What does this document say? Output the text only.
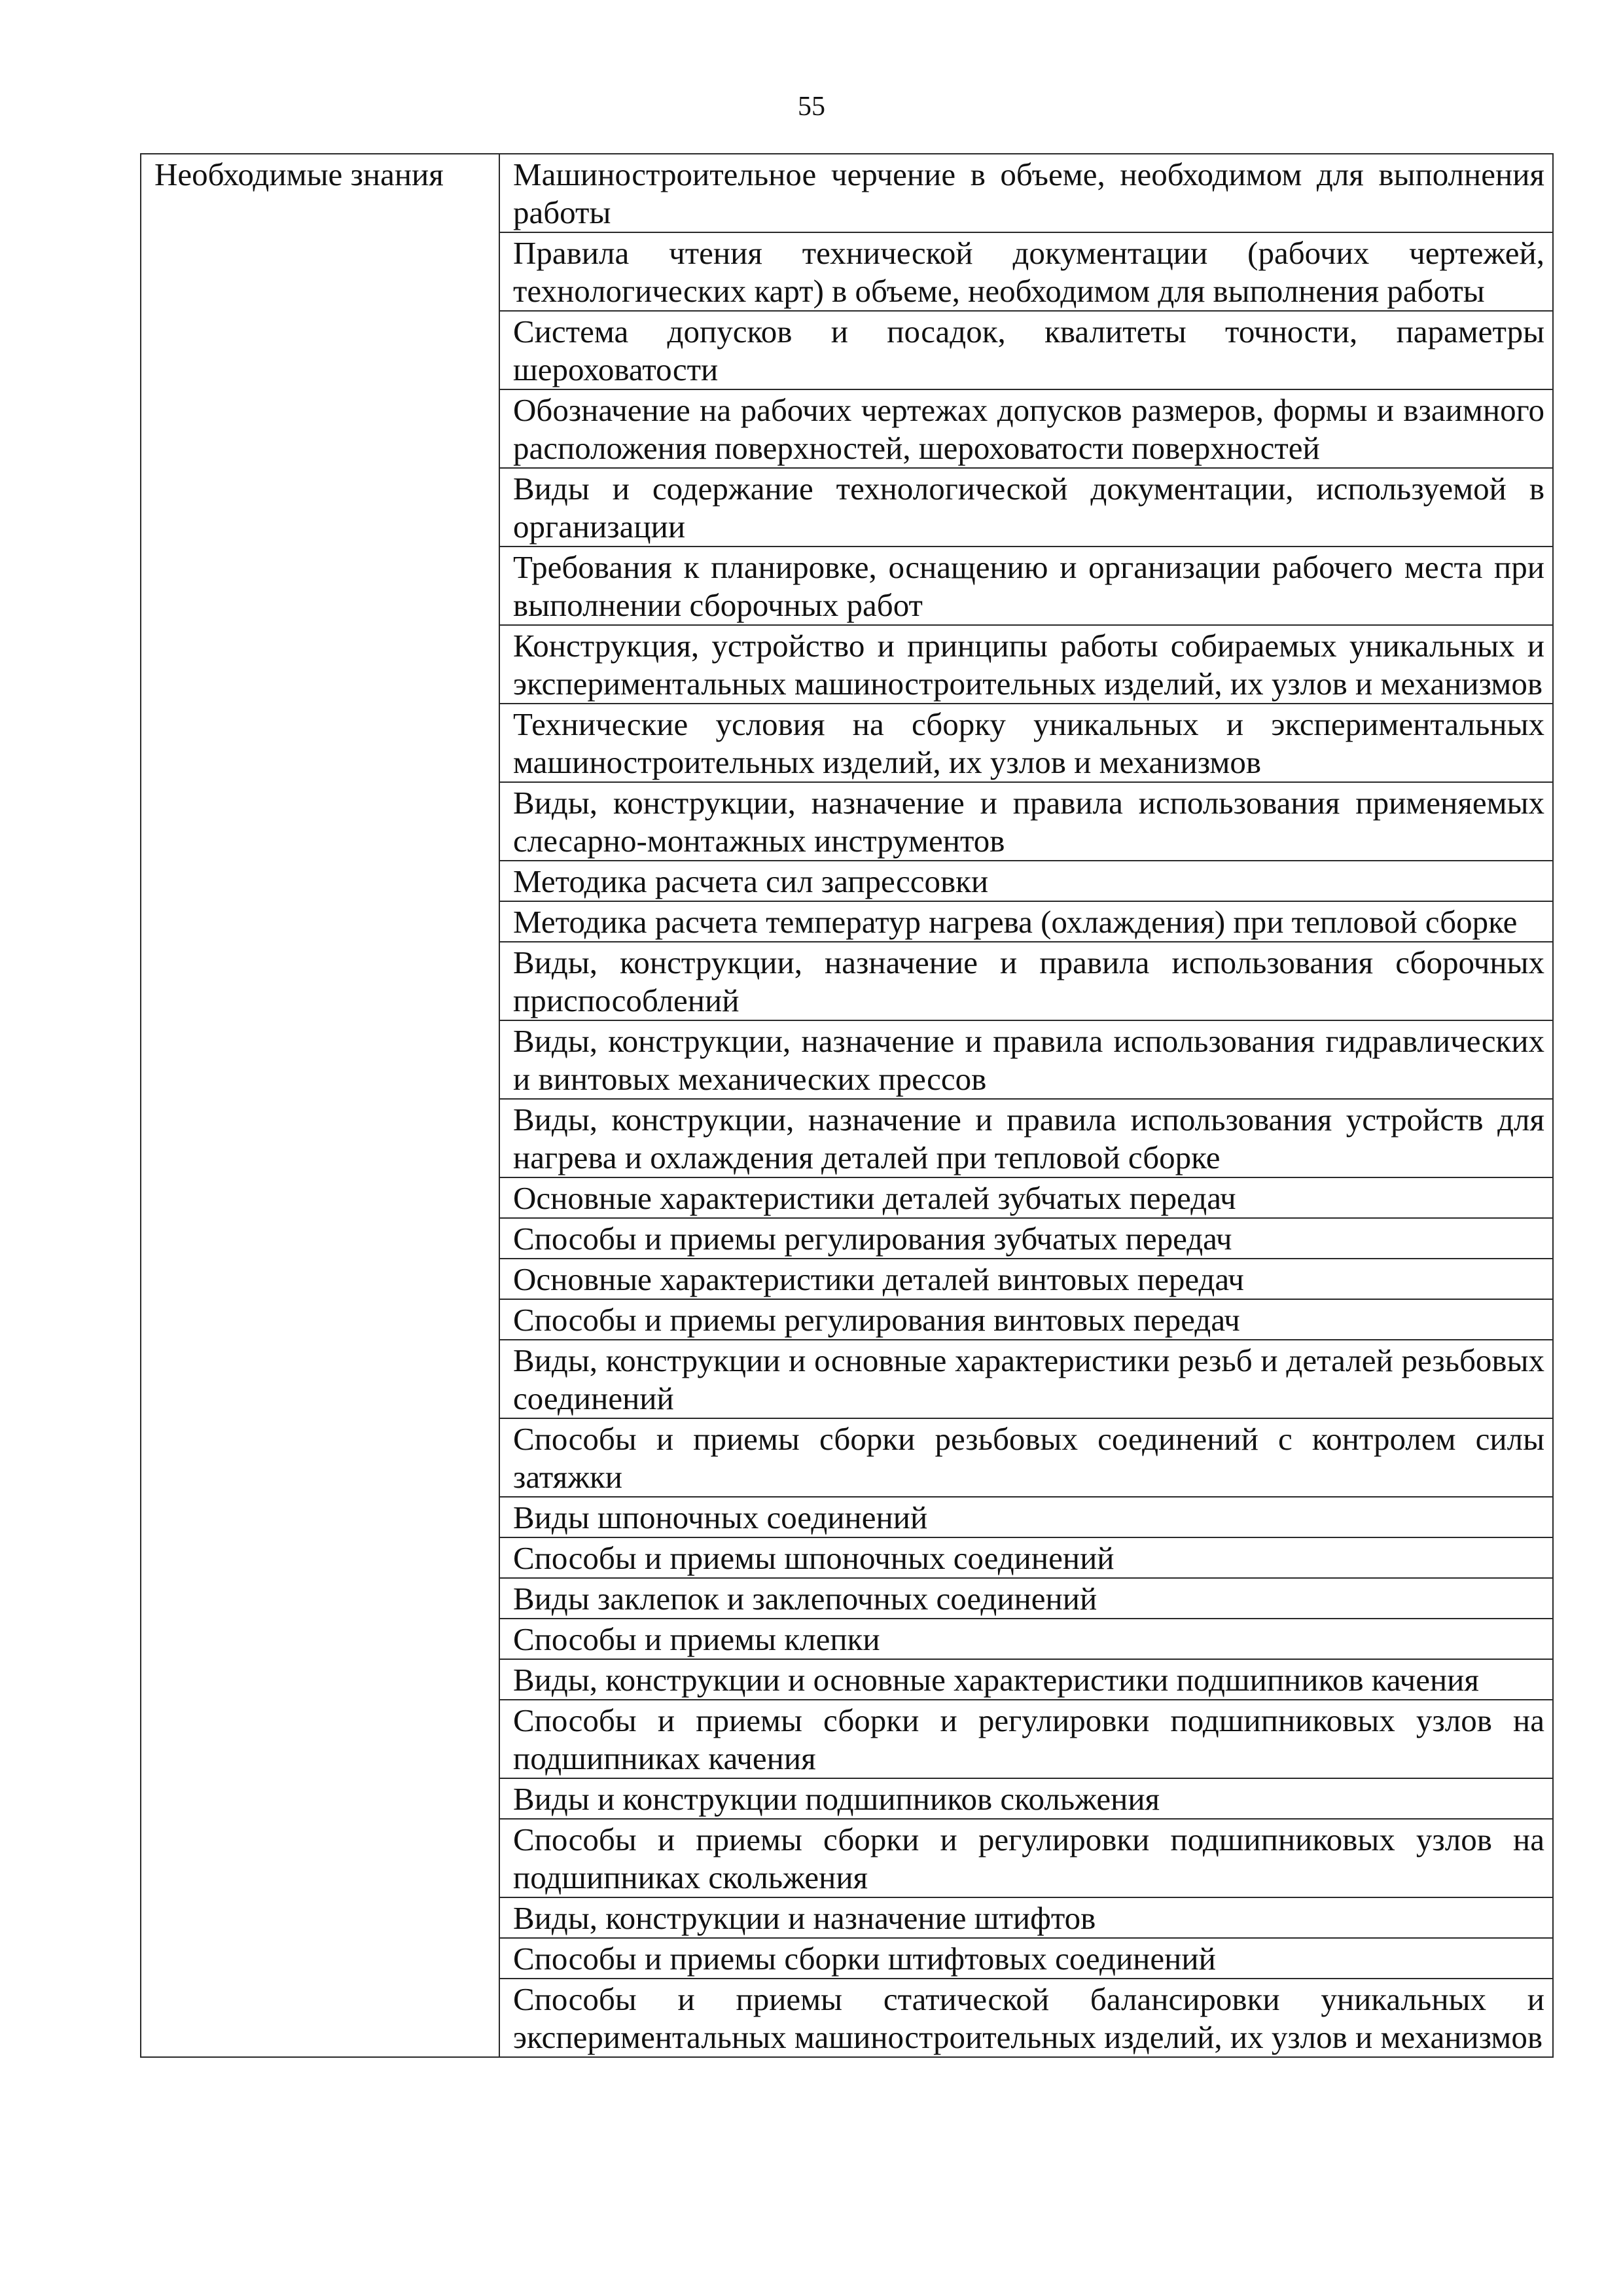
55
Необходимые знания	Машиностроительное черчение в объеме, необходимом для выполнения работы
Правила чтения технической документации (рабочих чертежей, технологических карт) в объеме, необходимом для выполнения работы
Система допусков и посадок, квалитеты точности, параметры шероховатости
Обозначение на рабочих чертежах допусков размеров, формы и взаимного расположения поверхностей, шероховатости поверхностей
Виды и содержание технологической документации, используемой в организации
Требования к планировке, оснащению и организации рабочего места при выполнении сборочных работ
Конструкция, устройство и принципы работы собираемых уникальных и экспериментальных машиностроительных изделий, их узлов и механизмов
Технические условия на сборку уникальных и экспериментальных машиностроительных изделий, их узлов и механизмов
Виды, конструкции, назначение и правила использования применяемых слесарно-монтажных инструментов
Методика расчета сил запрессовки
Методика расчета температур нагрева (охлаждения) при тепловой сборке
Виды, конструкции, назначение и правила использования сборочных приспособлений
Виды, конструкции, назначение и правила использования гидравлических и винтовых механических прессов
Виды, конструкции, назначение и правила использования устройств для нагрева и охлаждения деталей при тепловой сборке
Основные характеристики деталей зубчатых передач
Способы и приемы регулирования зубчатых передач
Основные характеристики деталей винтовых передач
Способы и приемы регулирования винтовых передач
Виды, конструкции и основные характеристики резьб и деталей резьбовых соединений
Способы и приемы сборки резьбовых соединений с контролем силы затяжки
Виды шпоночных соединений
Способы и приемы шпоночных соединений
Виды заклепок и заклепочных соединений
Способы и приемы клепки
Виды, конструкции и основные характеристики подшипников качения
Способы и приемы сборки и регулировки подшипниковых узлов на подшипниках качения
Виды и конструкции подшипников скольжения
Способы и приемы сборки и регулировки подшипниковых узлов на подшипниках скольжения
Виды, конструкции и назначение штифтов
Способы и приемы сборки штифтовых соединений
Способы и приемы статической балансировки уникальных и экспериментальных машиностроительных изделий, их узлов и механизмов
